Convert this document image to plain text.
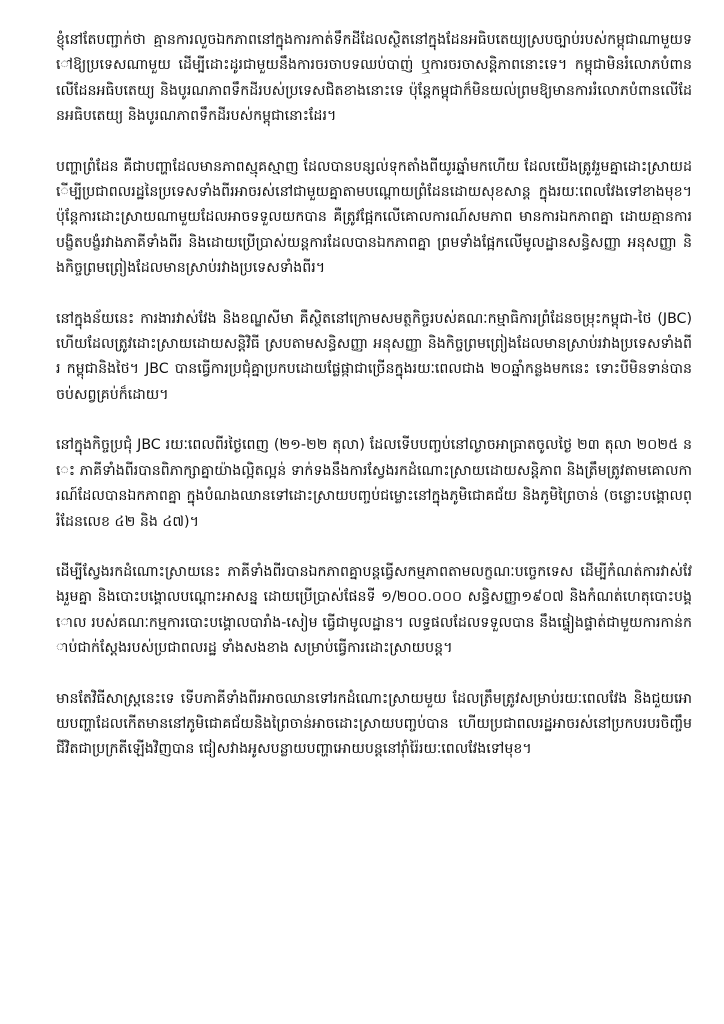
ខ្ញុំនៅតែបញ្ជាក់ថា គ្មានការលួចឯកភាពនៅក្នុងការកាត់ទឹកដីដែលស្ថិតនៅក្នុងដែនអធិបតេយ្យស្របច្បាប់របស់កម្ពុជាណាមួយទៅឱ្យប្រទេសណាមួយ ដើម្បីដោះដូរជាមួយនឹងការចរចាបទឈប់បាញ់ ឬការចរចាសន្តិភាពនោះទេ។ កម្ពុជាមិនរំលោភបំពានលើដែនអធិបតេយ្យ និងបូរណភាពទឹកដីរបស់ប្រទេសជិតខាងនោះទេ ប៉ុន្តែកម្ពុជាក៏មិនយល់ព្រមឱ្យមានការរំលោភបំពានលើដែនអធិបតេយ្យ និងបូរណភាពទឹកដីរបស់កម្ពុជានោះដែរ។

បញ្ហាព្រំដែន គឺជាបញ្ហាដែលមានភាពស្មុគស្មាញ ដែលបានបន្សល់ទុកតាំងពីយូរឆ្នាំមកហើយ ដែលយើងត្រូវរួមគ្នាដោះស្រាយដើម្បីប្រជាពលរដ្ឋនៃប្រទេសទាំងពីរអាចរស់នៅជាមួយគ្នាតាមបណ្តោយព្រំដែនដោយសុខសាន្ត ក្នុងរយៈពេលវែងទៅខាងមុខ។ ប៉ុន្តែការដោះស្រាយណាមួយដែលអាចទទួលយកបាន គឺត្រូវផ្អែកលើគោលការណ៍សមភាព មានការឯកភាពគ្នា ដោយគ្មានការបង្ខិតបង្ខំរវាងភាគីទាំងពីរ និងដោយប្រើប្រាស់យន្តការដែលបានឯកភាពគ្នា ព្រមទាំងផ្អែកលើមូលដ្ឋានសន្ធិសញ្ញា អនុសញ្ញា និងកិច្ចព្រមព្រៀងដែលមានស្រាប់រវាងប្រទេសទាំងពីរ។

នៅក្នុងន័យនេះ ការងារវាស់វែង និងខណ្ឌសីមា គឺស្ថិតនៅក្រោមសមត្ថកិច្ចរបស់គណៈកម្មាធិការព្រំដែនចម្រុះកម្ពុជា-ថៃ (JBC) ហើយដែលត្រូវដោះស្រាយដោយសន្តិវិធី ស្របតាមសន្ធិសញ្ញា អនុសញ្ញា និងកិច្ចព្រមព្រៀងដែលមានស្រាប់រវាងប្រទេសទាំងពីរ កម្ពុជានិងថៃ។ JBC បានធ្វើការប្រជុំគ្នាប្រកបដោយផ្លែផ្កាជាច្រើនក្នុងរយៈពេលជាង ២០ឆ្នាំកន្លងមកនេះ ទោះបីមិនទាន់បានចប់សព្វគ្រប់ក៏ដោយ។

នៅក្នុងកិច្ចប្រជុំ JBC រយៈពេលពីរថ្ងៃពេញ (២១-២២ តុលា) ដែលទើបបញ្ចប់នៅល្ងាចអាធ្រាតចូលថ្ងៃ ២៣ តុលា ២០២៥ នេះ ភាគីទាំងពីរបានពិភាក្សាគ្នាយ៉ាងល្អិតល្អន់ ទាក់ទងនឹងការស្វែងរកដំណោះស្រាយដោយសន្តិភាព និងត្រឹមត្រូវតាមគោលការណ៍ដែលបានឯកភាពគ្នា ក្នុងបំណងឈានទៅដោះស្រាយបញ្ចប់ជម្លោះនៅក្នុងភូមិជោគជ័យ និងភូមិព្រៃចាន់ (ចន្លោះបង្គោលព្រំដែនលេខ ៤២ និង ៤៧)។

ដើម្បីស្វែងរកដំណោះស្រាយនេះ ភាគីទាំងពីរបានឯកភាពគ្នាបន្តធ្វើសកម្មភាពតាមលក្ខណៈបច្ចេកទេស ដើម្បីកំណត់ការវាស់វែងរួមគ្នា និងបោះបង្គោលបណ្តោះអាសន្ន ដោយប្រើប្រាស់ផែនទី ១/២០០.០០០ សន្ធិសញ្ញា១៩០៧ និងកំណត់ហេតុបោះបង្គោល របស់គណៈកម្មការបោះបង្គោលបារាំង-សៀម ធ្វើជាមូលដ្ឋាន។ លទ្ធផលដែលទទួលបាន នឹងផ្ទៀងផ្ទាត់ជាមួយការកាន់កាប់ជាក់ស្តែងរបស់ប្រជាពលរដ្ឋ ទាំងសងខាង សម្រាប់ធ្វើការដោះស្រាយបន្ត។

មានតែវិធីសាស្ត្រនេះទេ ទើបភាគីទាំងពីរអាចឈានទៅរកដំណោះស្រាយមួយ ដែលត្រឹមត្រូវសម្រាប់រយៈពេលវែង និងជួយអោយបញ្ហាដែលកើតមាននៅភូមិជោគជ័យនិងព្រៃចាន់អាចដោះស្រាយបញ្ចប់បាន ហើយប្រជាពលរដ្ឋអាចរស់នៅប្រកបរបរចិញ្ចឹមជីវិតជាប្រក្រតីឡើងវិញបាន ជៀសវាងអូសបន្លាយបញ្ហាអោយបន្តនៅរ៉ាំរ៉ៃរយៈពេលវែងទៅមុខ។
